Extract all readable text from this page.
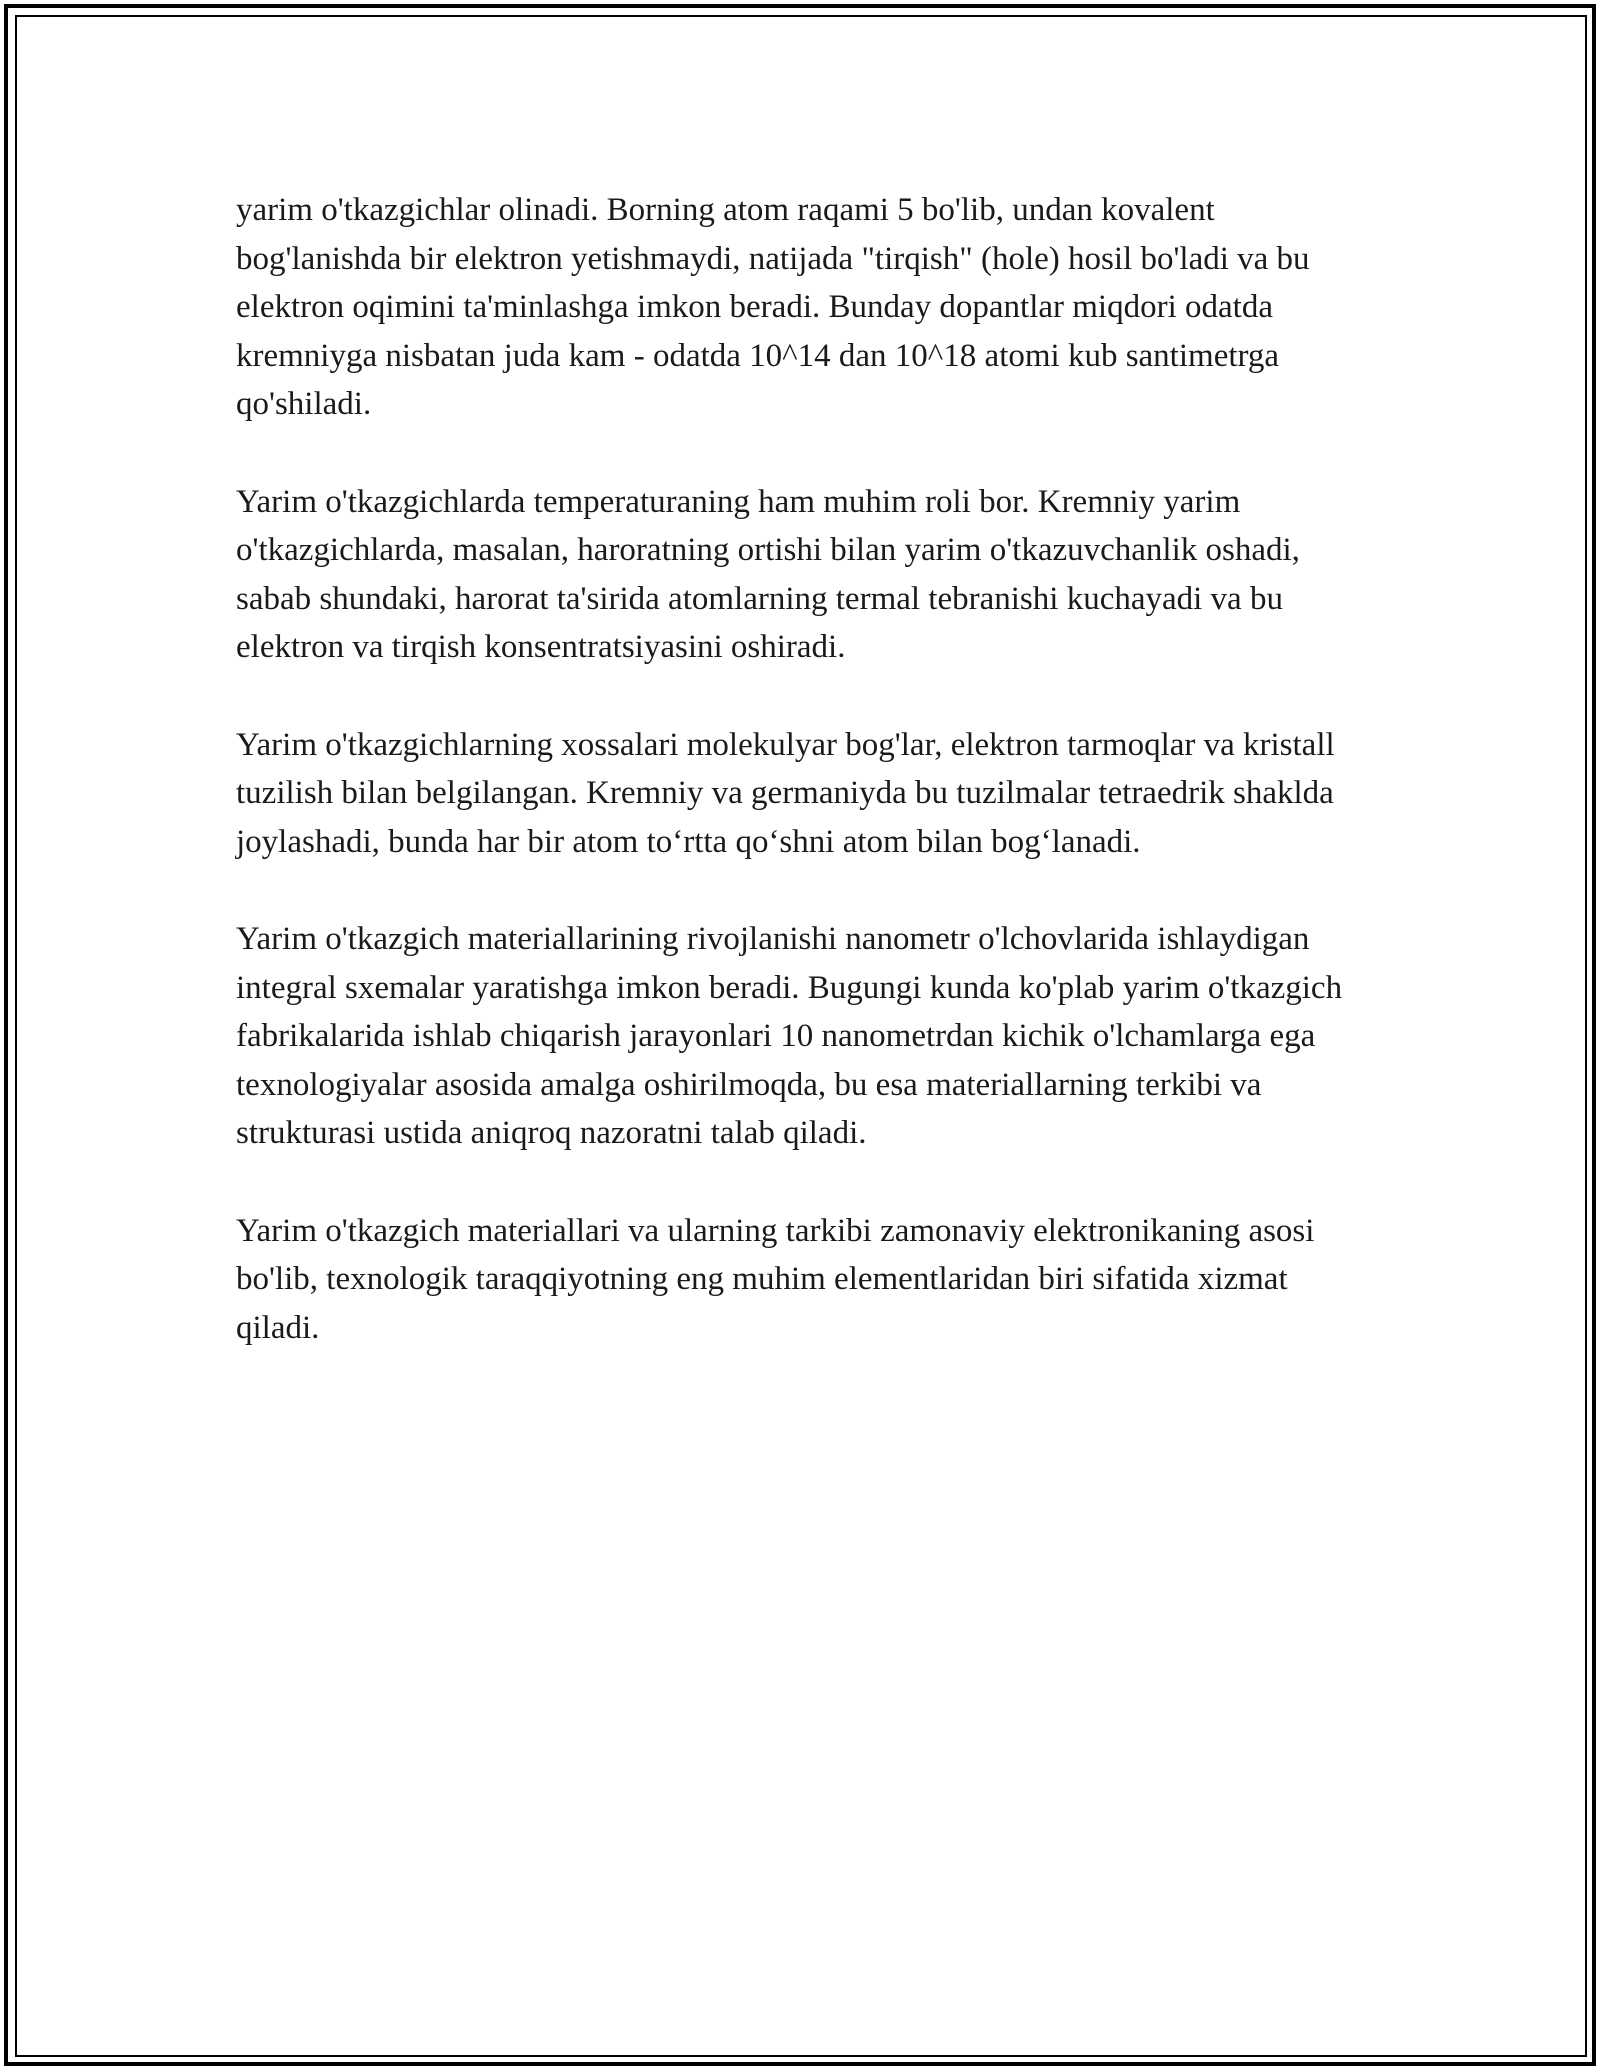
yarim o'tkazgichlar olinadi. Borning atom raqami 5 bo'lib, undan kovalent bog'lanishda bir elektron yetishmaydi, natijada "tirqish" (hole) hosil bo'ladi va bu elektron oqimini ta'minlashga imkon beradi. Bunday dopantlar miqdori odatda kremniyga nisbatan juda kam - odatda 10^14 dan 10^18 atomi kub santimetrga qo'shiladi.

Yarim o'tkazgichlarda temperaturaning ham muhim roli bor. Kremniy yarim o'tkazgichlarda, masalan, haroratning ortishi bilan yarim o'tkazuvchanlik oshadi, sabab shundaki, harorat ta'sirida atomlarning termal tebranishi kuchayadi va bu elektron va tirqish konsentratsiyasini oshiradi.

Yarim o'tkazgichlarning xossalari molekulyar bog'lar, elektron tarmoqlar va kristall tuzilish bilan belgilangan. Kremniy va germaniyda bu tuzilmalar tetraedrik shakldа joylashadi, bunda har bir atom to‘rtta qo‘shni atom bilan bog‘lanadi.

Yarim o'tkazgich materiallarining rivojlanishi nanometr o'lchovlarida ishlaydigan integral sxemalar yaratishga imkon beradi. Bugungi kunda ko'plab yarim o'tkazgich fabrikalarida ishlab chiqarish jarayonlari 10 nanometrdan kichik o'lchamlarga ega texnologiyalar asosida amalga oshirilmoqda, bu esa materiallarning terkibi va strukturasi ustida aniqroq nazoratni talab qiladi.

Yarim o'tkazgich materiallari va ularning tarkibi zamonaviy elektronikaning asosi bo'lib, texnologik taraqqiyotning eng muhim elementlaridan biri sifatida xizmat qiladi.
